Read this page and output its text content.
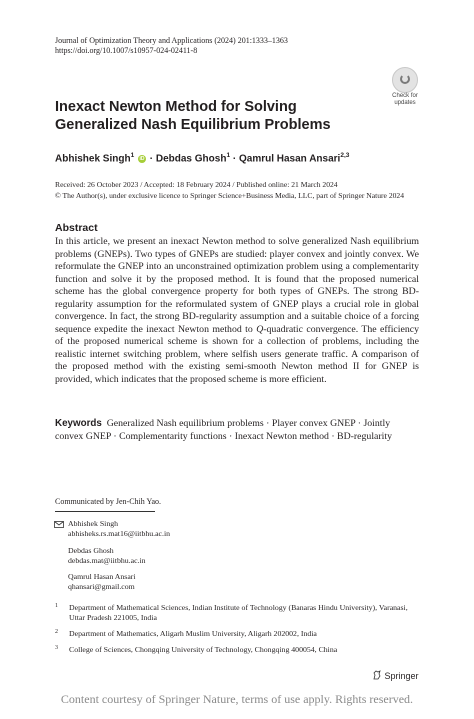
Journal of Optimization Theory and Applications (2024) 201:1333–1363
https://doi.org/10.1007/s10957-024-02411-8
Check for
updates
Inexact Newton Method for Solving Generalized Nash Equilibrium Problems
Abhishek Singh$^1$ iD · Debdas Ghosh$^1$ · Qamrul Hasan Ansari$^{2,3}$
Received: 26 October 2023 / Accepted: 18 February 2024 / Published online: 21 March 2024
© The Author(s), under exclusive licence to Springer Science+Business Media, LLC, part of Springer Nature 2024
Abstract

In this article, we present an inexact Newton method to solve generalized Nash equilibrium problems (GNEPs). Two types of GNEPs are studied: player convex and jointly convex. We reformulate the GNEP into an unconstrained optimization problem using a complementarity function and solve it by the proposed method. It is found that the proposed numerical scheme has the global convergence property for both types of GNEPs. The strong BD-regularity assumption for the reformulated system of GNEP plays a crucial role in global convergence. In fact, the strong BD-regularity assumption and a suitable choice of a forcing sequence expedite the inexact Newton method to Q-quadratic convergence. The efficiency of the proposed numerical scheme is shown for a collection of problems, including the realistic internet switching problem, where selfish users generate traffic. A comparison of the proposed method with the existing semi-smooth Newton method II for GNEP is provided, which indicates that the proposed scheme is more efficient.

Keywords Generalized Nash equilibrium problems · Player convex GNEP · Jointly convex GNEP · Complementarity functions · Inexact Newton method · BD-regularity

Communicated by Jen-Chih Yao.
Abhishek Singh
abhisheks.rs.mat16@iitbhu.ac.in
Debdas Ghosh
debdas.mat@iitbhu.ac.in
Qamrul Hasan Ansari
qhansari@gmail.com
1 Department of Mathematical Sciences, Indian Institute of Technology (Banaras Hindu University), Varanasi, Uttar Pradesh 221005, India
2 Department of Mathematics, Aligarh Muslim University, Aligarh 202002, India
3 College of Sciences, Chongqing University of Technology, Chongqing 400054, China
Springer
Content courtesy of Springer Nature, terms of use apply. Rights reserved.
